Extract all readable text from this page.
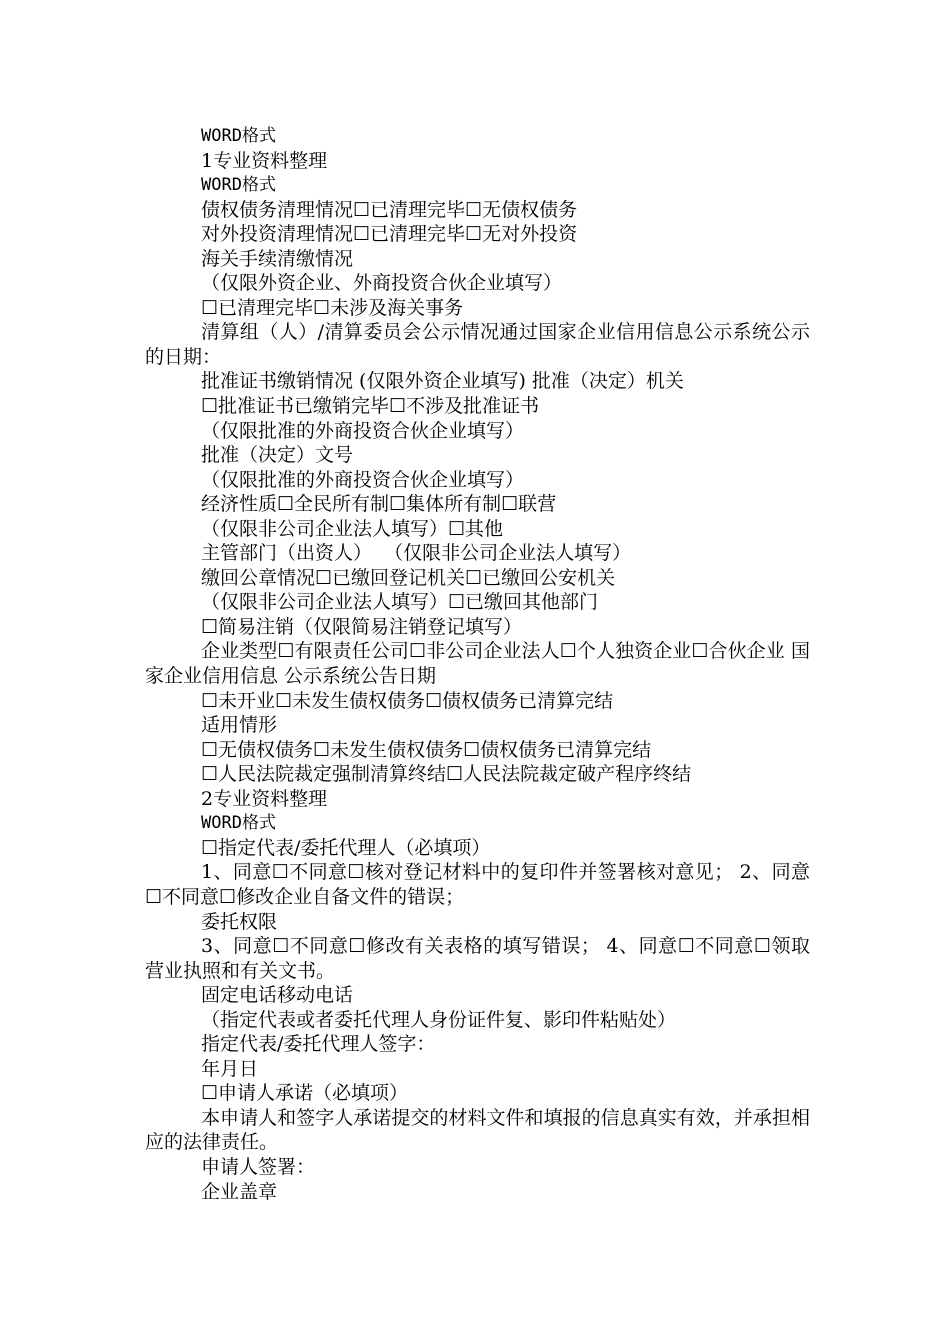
WORD格式

1专业资料整理

WORD格式

债权债务清理情况☐已清理完毕☐无债权债务

对外投资清理情况☐已清理完毕☐无对外投资

海关手续清缴情况

（仅限外资企业、外商投资合伙企业填写）

☐已清理完毕☐未涉及海关事务

清算组（人）/清算委员会公示情况通过国家企业信用信息公示系统公示的日期：

批准证书缴销情况 (仅限外资企业填写) 批准（决定）机关

☐批准证书已缴销完毕☐不涉及批准证书

（仅限批准的外商投资合伙企业填写）

批准（决定）文号

（仅限批准的外商投资合伙企业填写）

经济性质☐全民所有制☐集体所有制☐联营

（仅限非公司企业法人填写）☐其他

主管部门（出资人）  （仅限非公司企业法人填写）

缴回公章情况☐已缴回登记机关☐已缴回公安机关

（仅限非公司企业法人填写）☐已缴回其他部门

☐简易注销（仅限简易注销登记填写）

企业类型☐有限责任公司☐非公司企业法人☐个人独资企业☐合伙企业 国家企业信用信息 公示系统公告日期

☐未开业☐未发生债权债务☐债权债务已清算完结

适用情形

☐无债权债务☐未发生债权债务☐债权债务已清算完结

☐人民法院裁定强制清算终结☐人民法院裁定破产程序终结

2专业资料整理

WORD格式

☐指定代表/委托代理人（必填项）

1、同意☐不同意☐核对登记材料中的复印件并签署核对意见； 2、同意☐不同意☐修改企业自备文件的错误；

委托权限

3、同意☐不同意☐修改有关表格的填写错误； 4、同意☐不同意☐领取营业执照和有关文书。

固定电话移动电话

（指定代表或者委托代理人身份证件复、影印件粘贴处）

指定代表/委托代理人签字：

年月日

☐申请人承诺（必填项）

本申请人和签字人承诺提交的材料文件和填报的信息真实有效，并承担相应的法律责任。

申请人签署：

企业盖章
